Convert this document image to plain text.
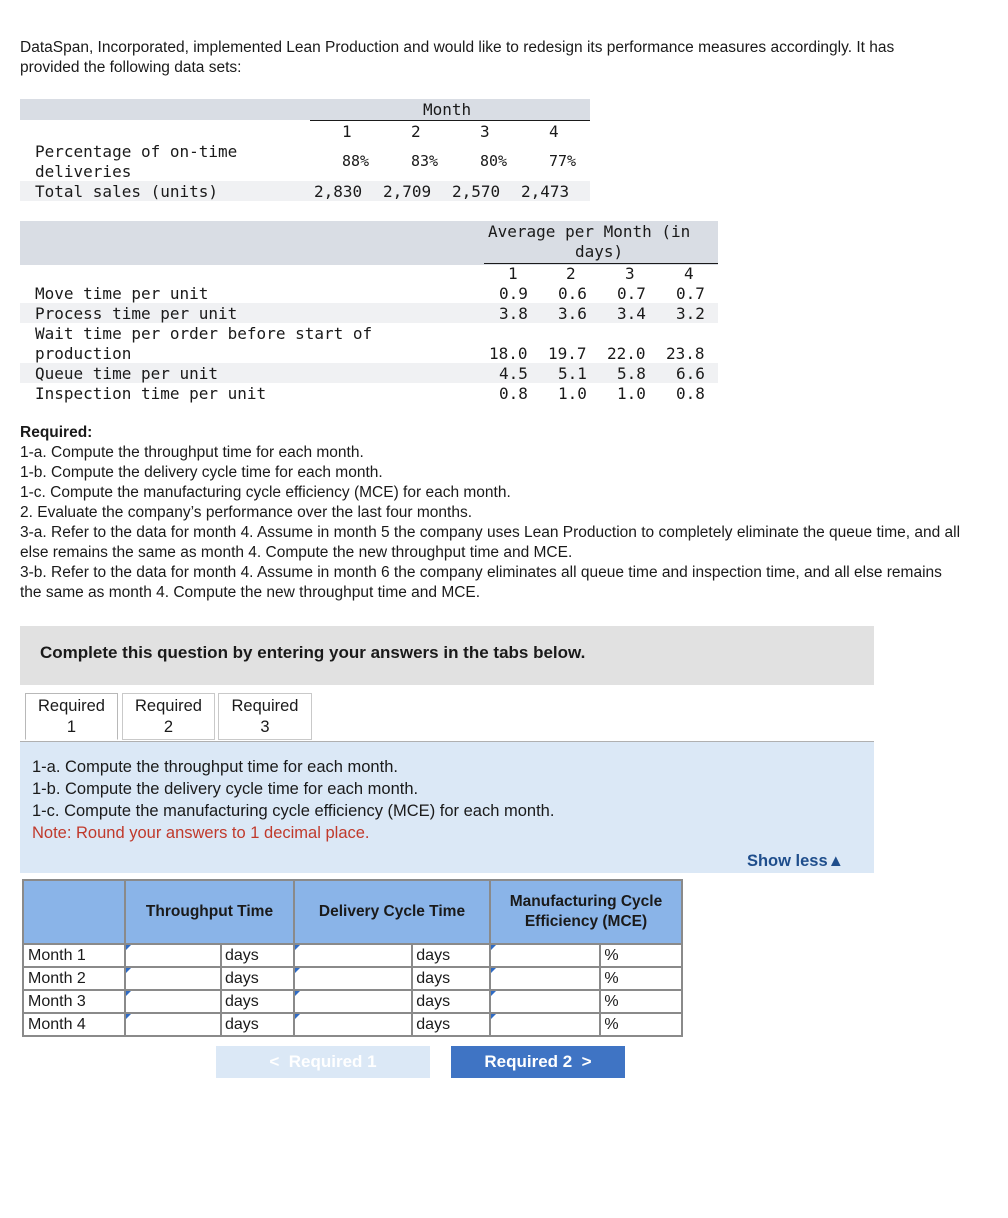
DataSpan, Incorporated, implemented Lean Production and would like to redesign its performance measures accordingly. It has provided the following data sets:
Month
1	2	3	4
Percentage of on-time
deliveries
88%	83%	80%	77%
Total sales (units)	2,830 2,709 2,570 2,473
Average per Month (in
days)
1	2	3	4
Move time per unit	0.9 0.6 0.7 0.7
Process time per unit	3.8 3.6 3.4 3.2
Wait time per order before start of
production	18.0 19.7 22.0 23.8
Queue time per unit	4.5 5.1 5.8 6.6
Inspection time per unit	0.8 1.0 1.0 0.8
Required:
1-a. Compute the throughput time for each month.
1-b. Compute the delivery cycle time for each month.
1-c. Compute the manufacturing cycle efficiency (MCE) for each month.
2. Evaluate the company’s performance over the last four months.
3-a. Refer to the data for month 4. Assume in month 5 the company uses Lean Production to completely eliminate the queue time, and all else remains the same as month 4. Compute the new throughput time and MCE.
3-b. Refer to the data for month 4. Assume in month 6 the company eliminates all queue time and inspection time, and all else remains the same as month 4. Compute the new throughput time and MCE.
Complete this question by entering your answers in the tabs below.
Required
1
Required
2
Required
3
1-a. Compute the throughput time for each month.
1-b. Compute the delivery cycle time for each month.
1-c. Compute the manufacturing cycle efficiency (MCE) for each month.
Note: Round your answers to 1 decimal place.
Show less▲
	Throughput Time		Delivery Cycle Time		Manufacturing Cycle Efficiency (MCE)	
Month 1		days		days		%
Month 2		days		days		%
Month 3		days		days		%
Month 4		days		days		%
<  Required 1	Required 2  >
